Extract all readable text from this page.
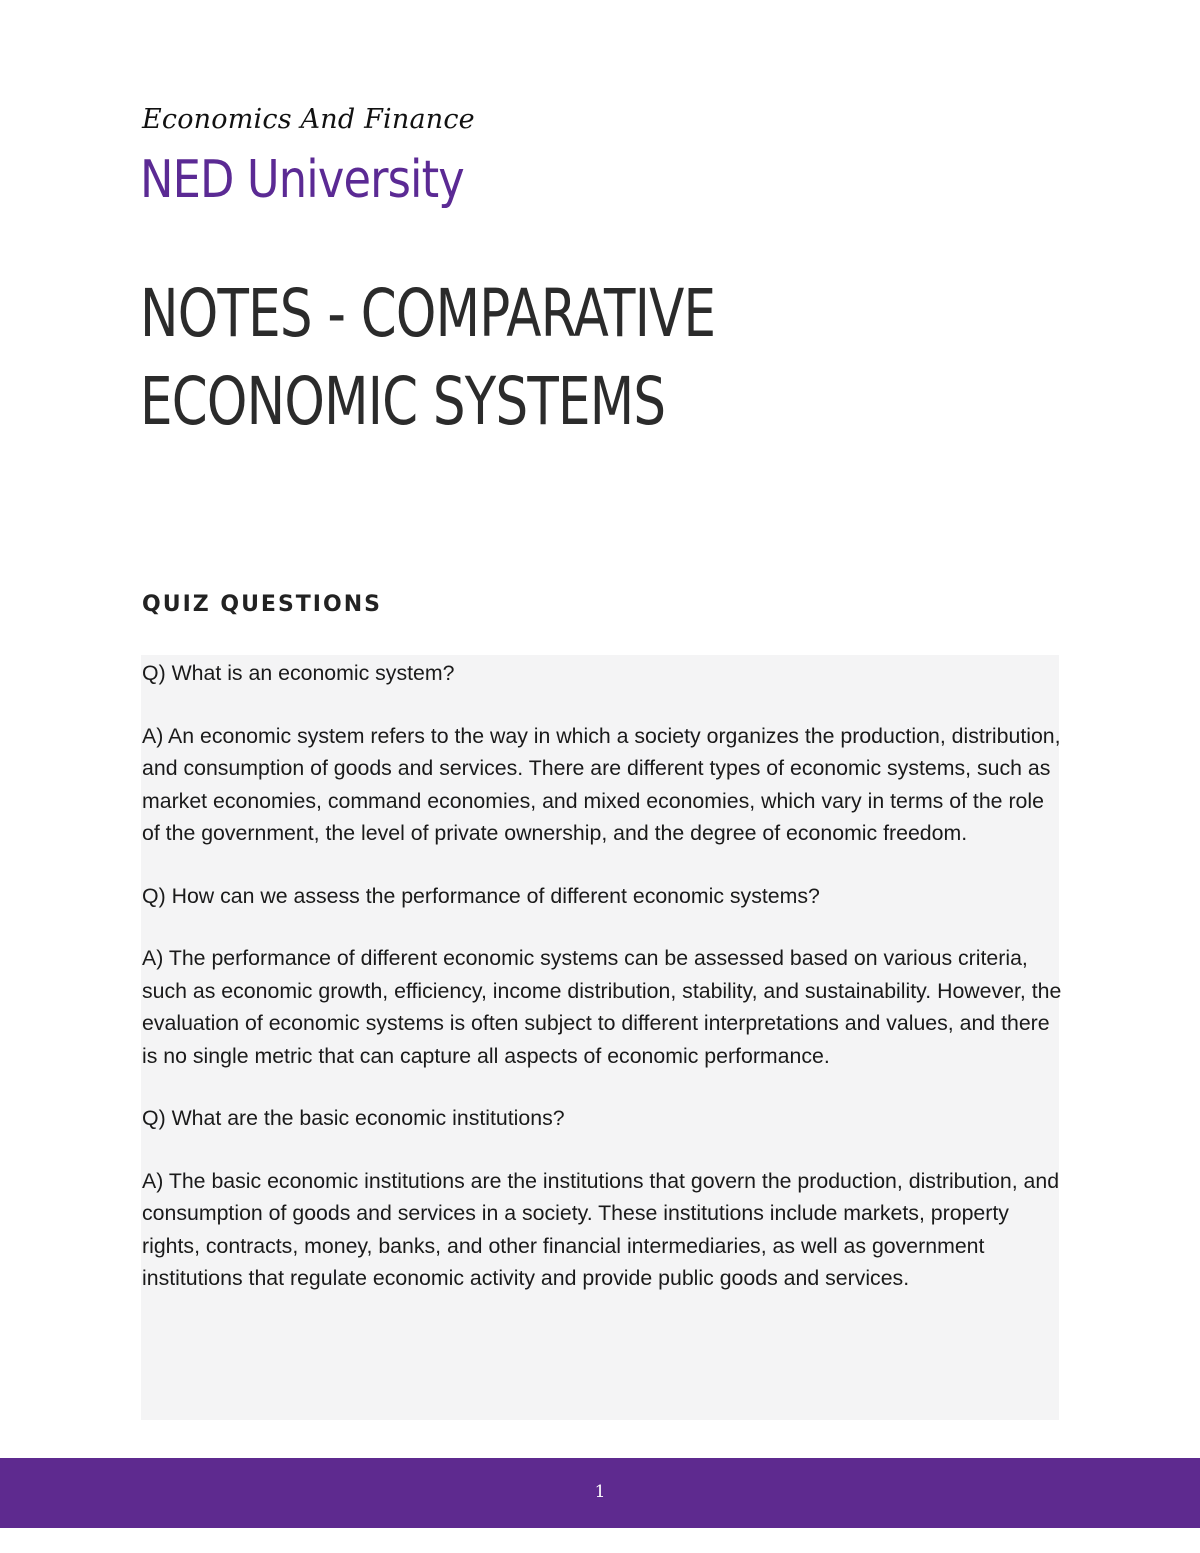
Economics And Finance
NED University
NOTES - COMPARATIVE ECONOMIC SYSTEMS
QUIZ QUESTIONS

Q) What is an economic system?

A) An economic system refers to the way in which a society organizes the production, distribution, and consumption of goods and services. There are different types of economic systems, such as market economies, command economies, and mixed economies, which vary in terms of the role of the government, the level of private ownership, and the degree of economic freedom.

Q) How can we assess the performance of different economic systems?

A) The performance of different economic systems can be assessed based on various criteria, such as economic growth, efficiency, income distribution, stability, and sustainability. However, the evaluation of economic systems is often subject to different interpretations and values, and there is no single metric that can capture all aspects of economic performance.

Q) What are the basic economic institutions?

A) The basic economic institutions are the institutions that govern the production, distribution, and consumption of goods and services in a society. These institutions include markets, property rights, contracts, money, banks, and other financial intermediaries, as well as government institutions that regulate economic activity and provide public goods and services.

1
